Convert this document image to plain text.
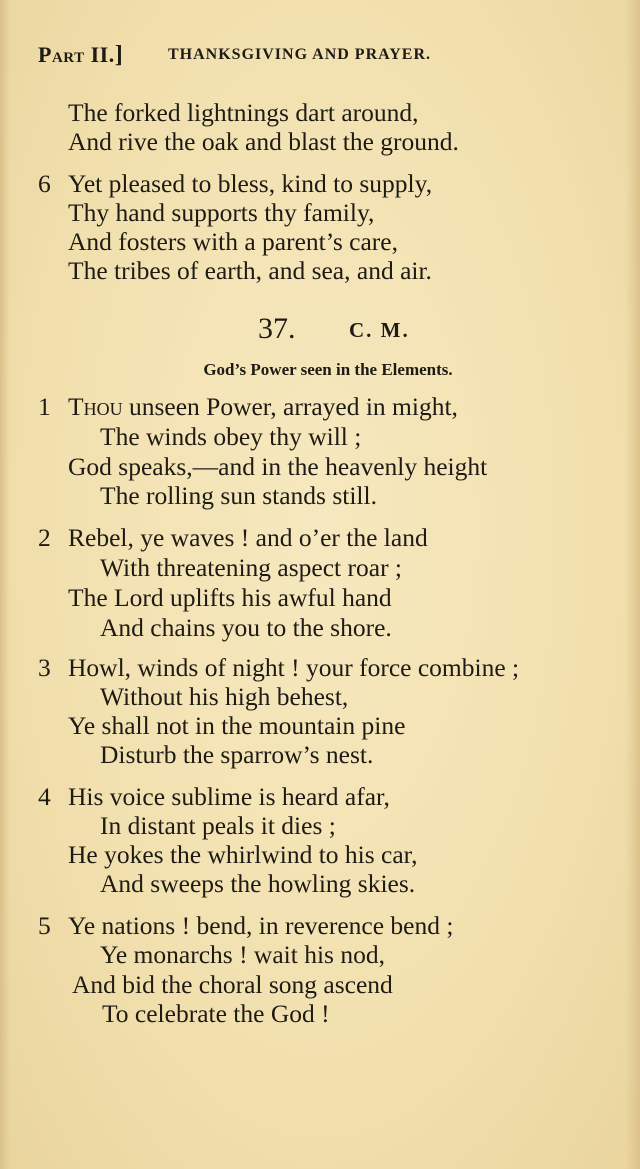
Part II.]	THANKSGIVING AND PRAYER.
The forked lightnings dart around,
And rive the oak and blast the ground.
6 Yet pleased to bless, kind to supply,
Thy hand supports thy family,
And fosters with a parent’s care,
The tribes of earth, and sea, and air.
37.	C. M.
God’s Power seen in the Elements.
1 Thou unseen Power, arrayed in might,
The winds obey thy will ;
God speaks,—and in the heavenly height
The rolling sun stands still.
2 Rebel, ye waves ! and o’er the land
With threatening aspect roar ;
The Lord uplifts his awful hand
And chains you to the shore.
3 Howl, winds of night ! your force combine ;
Without his high behest,
Ye shall not in the mountain pine
Disturb the sparrow’s nest.
4 His voice sublime is heard afar,
In distant peals it dies ;
He yokes the whirlwind to his car,
And sweeps the howling skies.
5 Ye nations ! bend, in reverence bend ;
Ye monarchs ! wait his nod,
And bid the choral song ascend
To celebrate the God !
